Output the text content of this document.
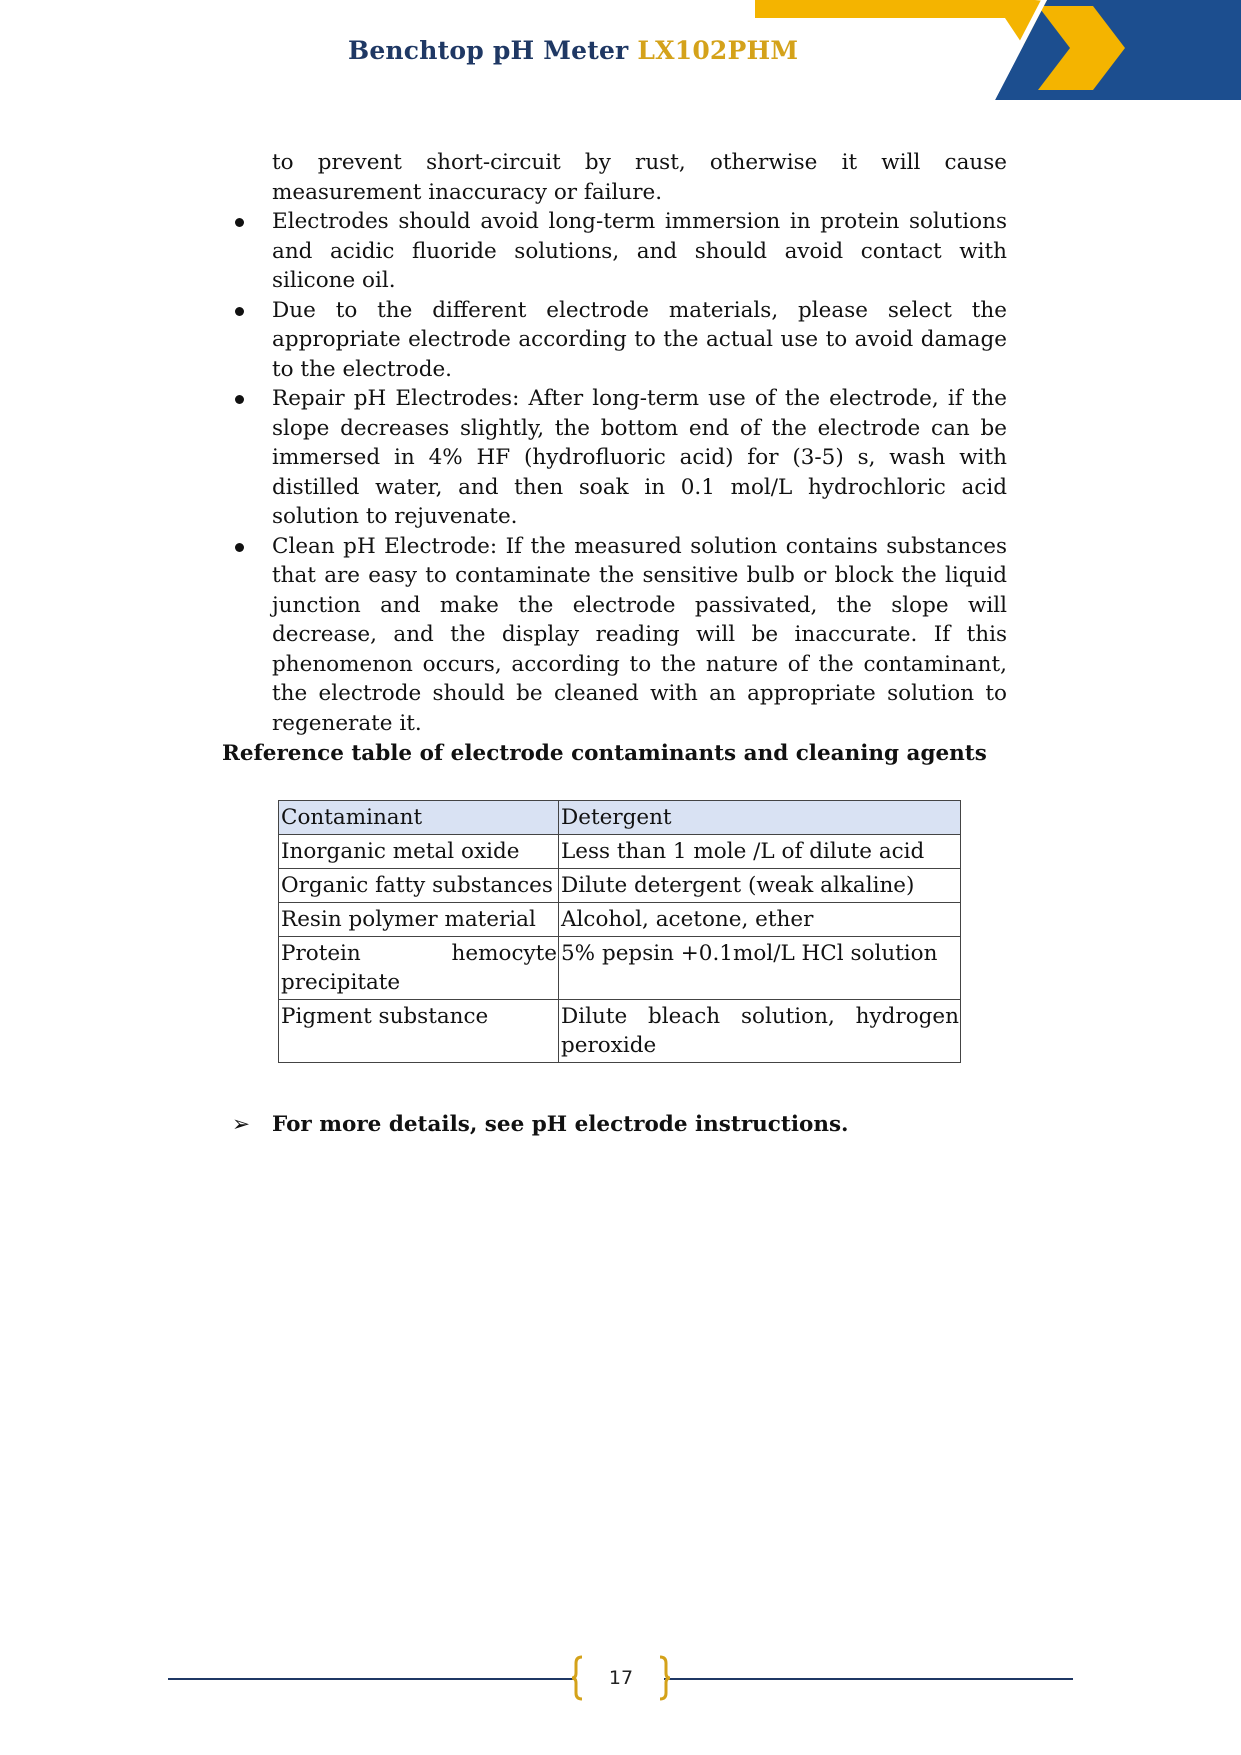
Benchtop pH Meter LX102PHM

to prevent short-circuit by rust, otherwise it will cause measurement inaccuracy or failure.

Electrodes should avoid long-term immersion in protein solutions and acidic fluoride solutions, and should avoid contact with silicone oil.
Due to the different electrode materials, please select the appropriate electrode according to the actual use to avoid damage to the electrode.
Repair pH Electrodes: After long-term use of the electrode, if the slope decreases slightly, the bottom end of the electrode can be immersed in 4% HF (hydrofluoric acid) for (3-5) s, wash with distilled water, and then soak in 0.1 mol/L hydrochloric acid solution to rejuvenate.
Clean pH Electrode: If the measured solution contains substances that are easy to contaminate the sensitive bulb or block the liquid junction and make the electrode passivated, the slope will decrease, and the display reading will be inaccurate. If this phenomenon occurs, according to the nature of the contaminant, the electrode should be cleaned with an appropriate solution to regenerate it.
Reference table of electrode contaminants and cleaning agents
Contaminant	Detergent
Inorganic metal oxide	Less than 1 mole /L of dilute acid
Organic fatty substances	Dilute detergent (weak alkaline)
Resin polymer material	Alcohol, acetone, ether

Protein hemocyte
precipitate	5% pepsin +0.1mol/L HCl solution
Pigment substance	Dilute bleach solution, hydrogen
peroxide
➢ For more details, see pH electrode instructions.
17
